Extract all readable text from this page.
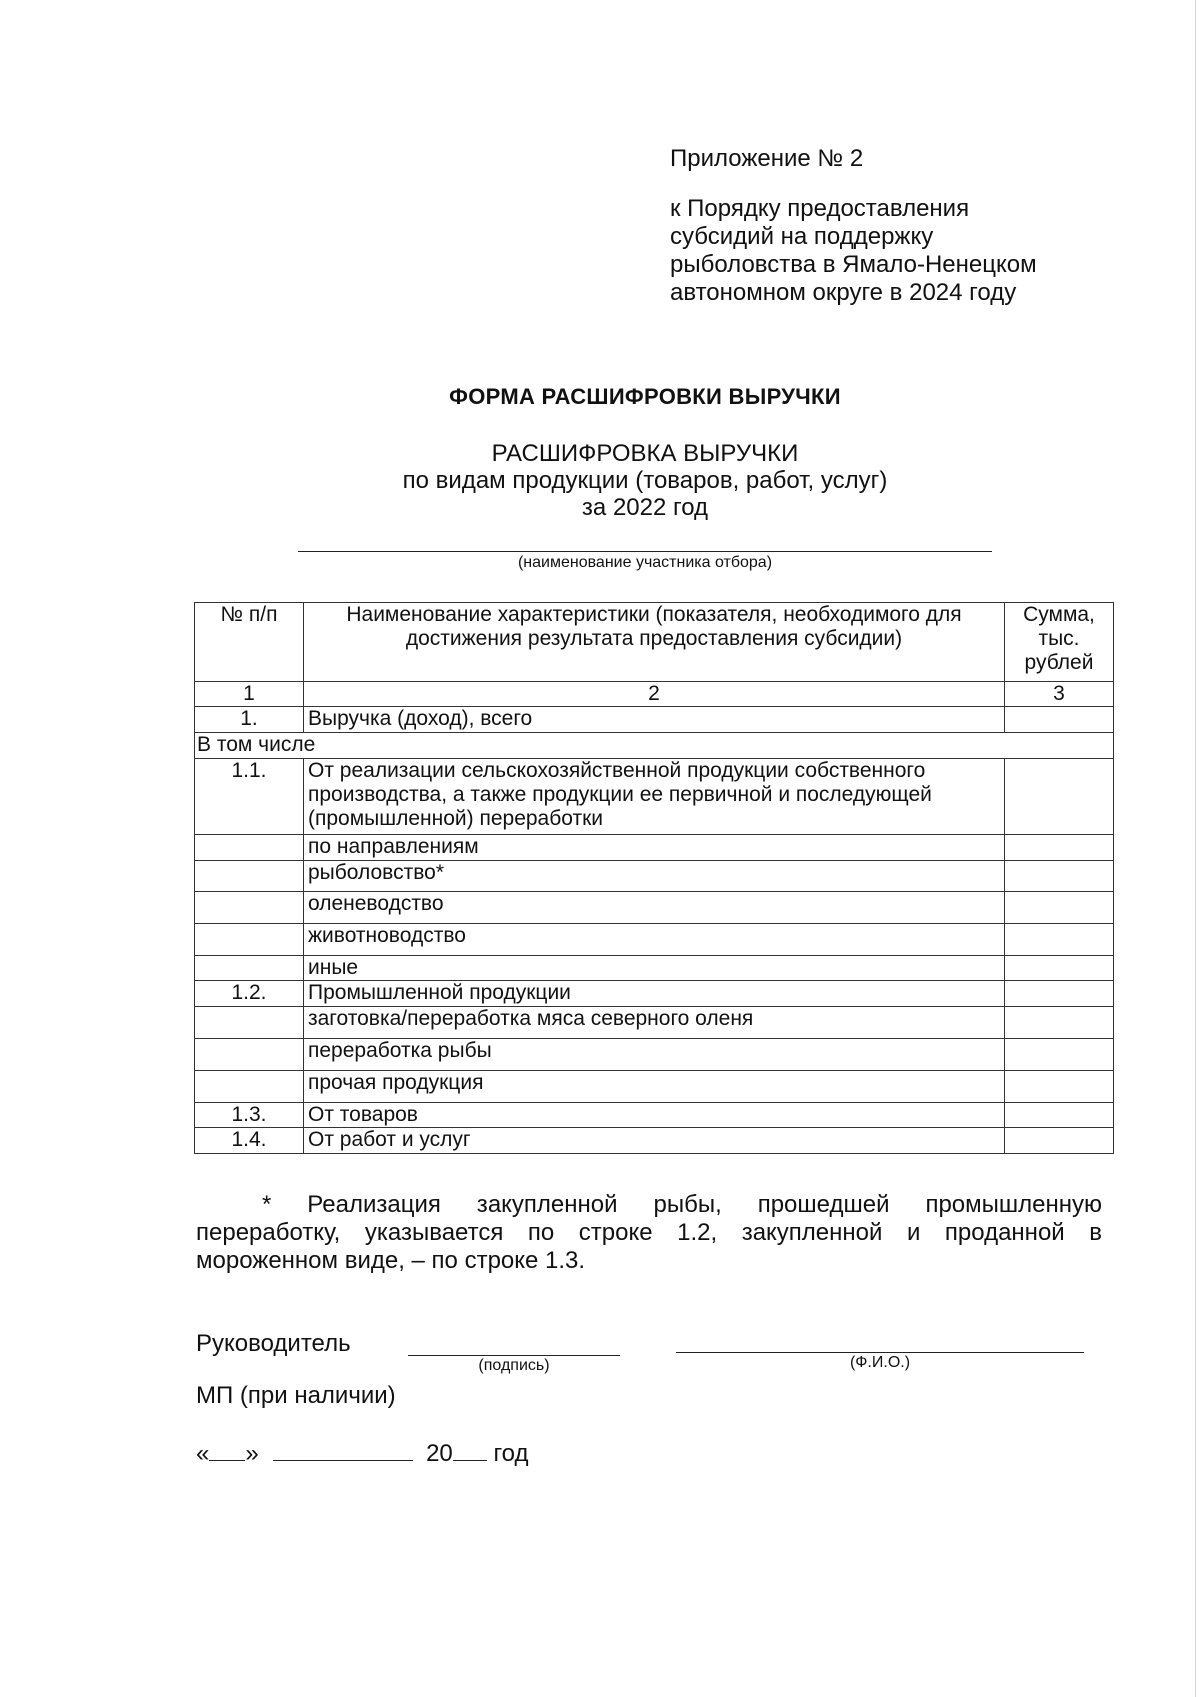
Приложение № 2
к Порядку предоставления
субсидий на поддержку
рыболовства в Ямало-Ненецком
автономном округе в 2024 году
ФОРМА РАСШИФРОВКИ ВЫРУЧКИ
РАСШИФРОВКА ВЫРУЧКИ
по видам продукции (товаров, работ, услуг)
за 2022 год
(наименование участника отбора)
№ п/п	Наименование характеристики (показателя, необходимого для достижения результата предоставления субсидии)	Сумма, тыс. рублей
1	2	3
1.	Выручка (доход), всего	
В том числе		
1.1.	От реализации сельскохозяйственной продукции собственного производства, а также продукции ее первичной и последующей (промышленной) переработки	
	по направлениям	
	рыболовство*	
	оленеводство	
	животноводство	
	иные	
1.2.	Промышленной продукции	
	заготовка/переработка мяса северного оленя	
	переработка рыбы	
	прочая продукция	
1.3.	От товаров	
1.4.	От работ и услуг	
* Реализация закупленной рыбы, прошедшей промышленную переработку, указывается по строке 1.2, закупленной и проданной в мороженном виде, – по строке 1.3.
Руководитель
(подпись)	(Ф.И.О.)
МП (при наличии)
« »	20 год
